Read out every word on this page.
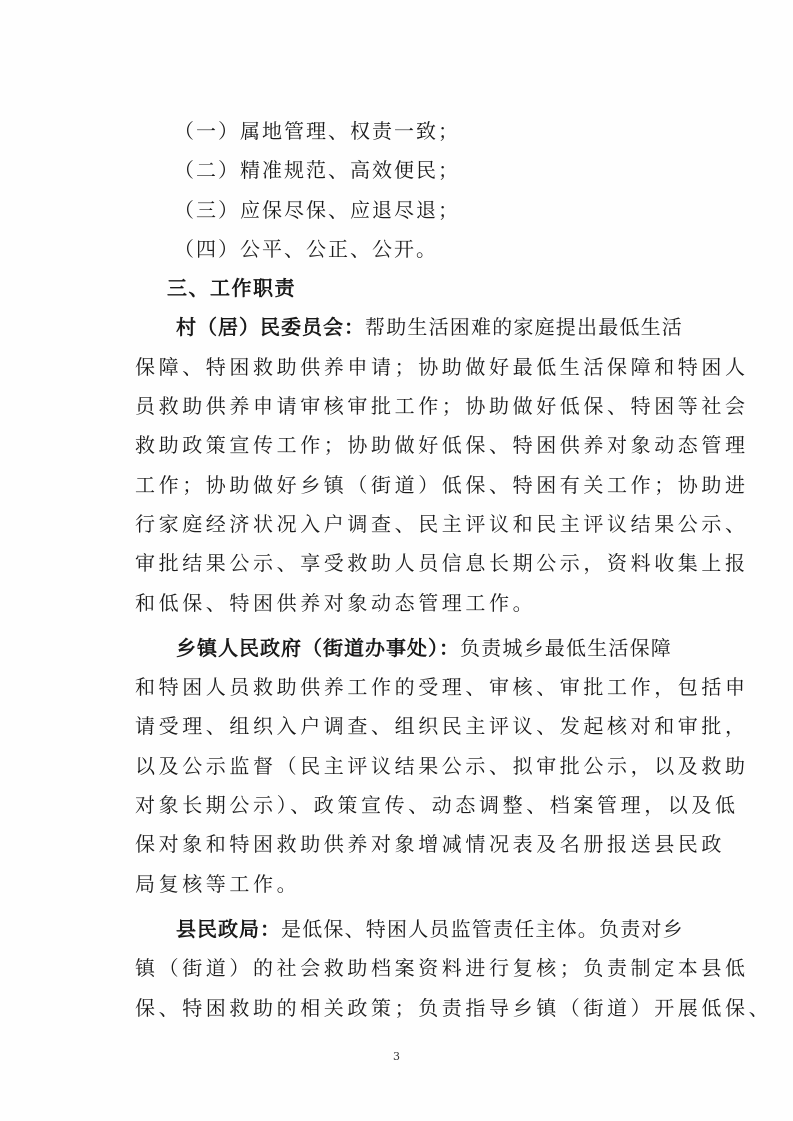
（一）属地管理、权责一致；
（二）精准规范、高效便民；
（三）应保尽保、应退尽退；
（四）公平、公正、公开。
三、工作职责
村（居）民委员会：帮助生活困难的家庭提出最低生活
保障、特困救助供养申请；协助做好最低生活保障和特困人
员救助供养申请审核审批工作；协助做好低保、特困等社会
救助政策宣传工作；协助做好低保、特困供养对象动态管理
工作；协助做好乡镇（街道）低保、特困有关工作；协助进
行家庭经济状况入户调查、民主评议和民主评议结果公示、
审批结果公示、享受救助人员信息长期公示，资料收集上报
和低保、特困供养对象动态管理工作。
乡镇人民政府（街道办事处）：负责城乡最低生活保障
和特困人员救助供养工作的受理、审核、审批工作，包括申
请受理、组织入户调查、组织民主评议、发起核对和审批，
以及公示监督（民主评议结果公示、拟审批公示，以及救助
对象长期公示）、政策宣传、动态调整、档案管理，以及低
保对象和特困救助供养对象增减情况表及名册报送县民政
局复核等工作。
县民政局：是低保、特困人员监管责任主体。负责对乡
镇（街道）的社会救助档案资料进行复核；负责制定本县低
保、特困救助的相关政策；负责指导乡镇（街道）开展低保、
3
